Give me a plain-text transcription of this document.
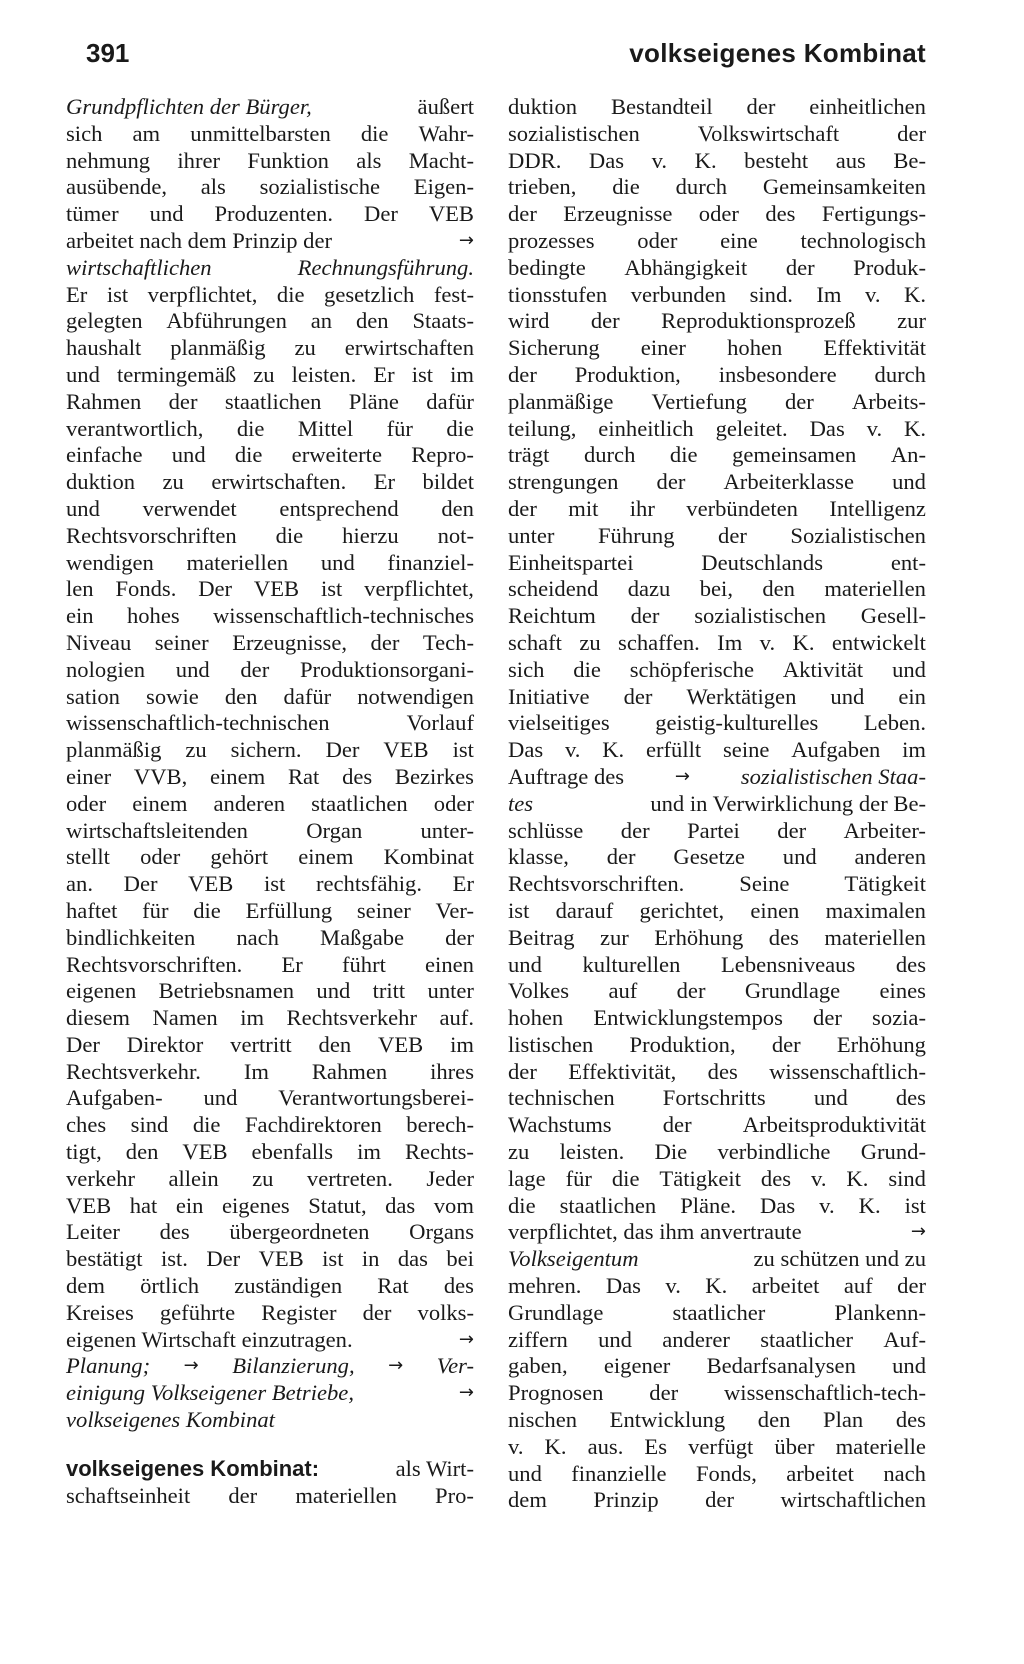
391	volkseigenes Kombinat
Grundpflichten der Bürger,	äußert
sich am unmittelbarsten die Wahr-
nehmung ihrer Funktion als Macht-
ausübende, als sozialistische Eigen-
tümer und Produzenten. Der VEB
arbeitet nach dem Prinzip der	→
wirtschaftlichen	Rechnungsführung.
Er ist verpflichtet, die gesetzlich fest-
gelegten Abführungen an den Staats-
haushalt planmäßig zu erwirtschaften
und termingemäß zu leisten. Er ist im
Rahmen der staatlichen Pläne dafür
verantwortlich, die Mittel für die
einfache und die erweiterte Repro-
duktion zu erwirtschaften. Er bildet
und verwendet entsprechend den
Rechtsvorschriften die hierzu not-
wendigen materiellen und finanziel-
len Fonds. Der VEB ist verpflichtet,
ein hohes wissenschaftlich-technisches
Niveau seiner Erzeugnisse, der Tech-
nologien und der Produktionsorgani-
sation sowie den dafür notwendigen
wissenschaftlich-technischen	Vorlauf
planmäßig zu sichern. Der VEB ist
einer VVB, einem Rat des Bezirkes
oder einem anderen staatlichen oder
wirtschaftsleitenden	Organ	unter-
stellt oder gehört einem Kombinat
an. Der VEB ist rechtsfähig. Er
haftet für die Erfüllung seiner Ver-
bindlichkeiten nach Maßgabe der
Rechtsvorschriften. Er führt einen
eigenen Betriebsnamen und tritt unter
diesem Namen im Rechtsverkehr auf.
Der Direktor vertritt den VEB im
Rechtsverkehr. Im Rahmen ihres
Aufgaben- und Verantwortungsberei-
ches sind die Fachdirektoren berech-
tigt, den VEB ebenfalls im Rechts-
verkehr allein zu vertreten. Jeder
VEB hat ein eigenes Statut, das vom
Leiter des übergeordneten Organs
bestätigt ist. Der VEB ist in das bei
dem örtlich zuständigen Rat des
Kreises geführte Register der volks-
eigenen Wirtschaft einzutragen.	→
Planung; → Bilanzierung, → Ver-
einigung Volkseigener Betriebe,	→
volkseigenes Kombinat
volkseigenes Kombinat:	als Wirt-
schaftseinheit der materiellen Pro-
duktion Bestandteil der einheitlichen
sozialistischen	Volkswirtschaft	der
DDR. Das v. K. besteht aus Be-
trieben, die durch Gemeinsamkeiten
der Erzeugnisse oder des Fertigungs-
prozesses oder eine technologisch
bedingte Abhängigkeit der Produk-
tionsstufen verbunden sind. Im v. K.
wird der Reproduktionsprozeß zur
Sicherung einer hohen Effektivität
der Produktion, insbesondere durch
planmäßige Vertiefung der Arbeits-
teilung, einheitlich geleitet. Das v. K.
trägt durch die gemeinsamen An-
strengungen der Arbeiterklasse und
der mit ihr verbündeten Intelligenz
unter Führung der Sozialistischen
Einheitspartei	Deutschlands	ent-
scheidend dazu bei, den materiellen
Reichtum der sozialistischen Gesell-
schaft zu schaffen. Im v. K. entwickelt
sich die schöpferische Aktivität und
Initiative der Werktätigen und ein
vielseitiges geistig-kulturelles Leben.
Das v. K. erfüllt seine Aufgaben im
Auftrage des	→ sozialistischen Staa-
tes	und in Verwirklichung der Be-
schlüsse der Partei der Arbeiter-
klasse, der Gesetze und anderen
Rechtsvorschriften. Seine Tätigkeit
ist darauf gerichtet, einen maximalen
Beitrag zur Erhöhung des materiellen
und kulturellen Lebensniveaus des
Volkes auf der Grundlage eines
hohen Entwicklungstempos der sozia-
listischen Produktion, der Erhöhung
der Effektivität, des wissenschaftlich-
technischen Fortschritts und des
Wachstums der Arbeitsproduktivität
zu leisten. Die verbindliche Grund-
lage für die Tätigkeit des v. K. sind
die staatlichen Pläne. Das v. K. ist
verpflichtet, das ihm anvertraute	→
Volkseigentum	zu schützen und zu
mehren. Das v. K. arbeitet auf der
Grundlage	staatlicher	Plankenn-
ziffern und anderer staatlicher Auf-
gaben, eigener Bedarfsanalysen und
Prognosen der wissenschaftlich-tech-
nischen Entwicklung den Plan des
v. K. aus. Es verfügt über materielle
und finanzielle Fonds, arbeitet nach
dem Prinzip der wirtschaftlichen
